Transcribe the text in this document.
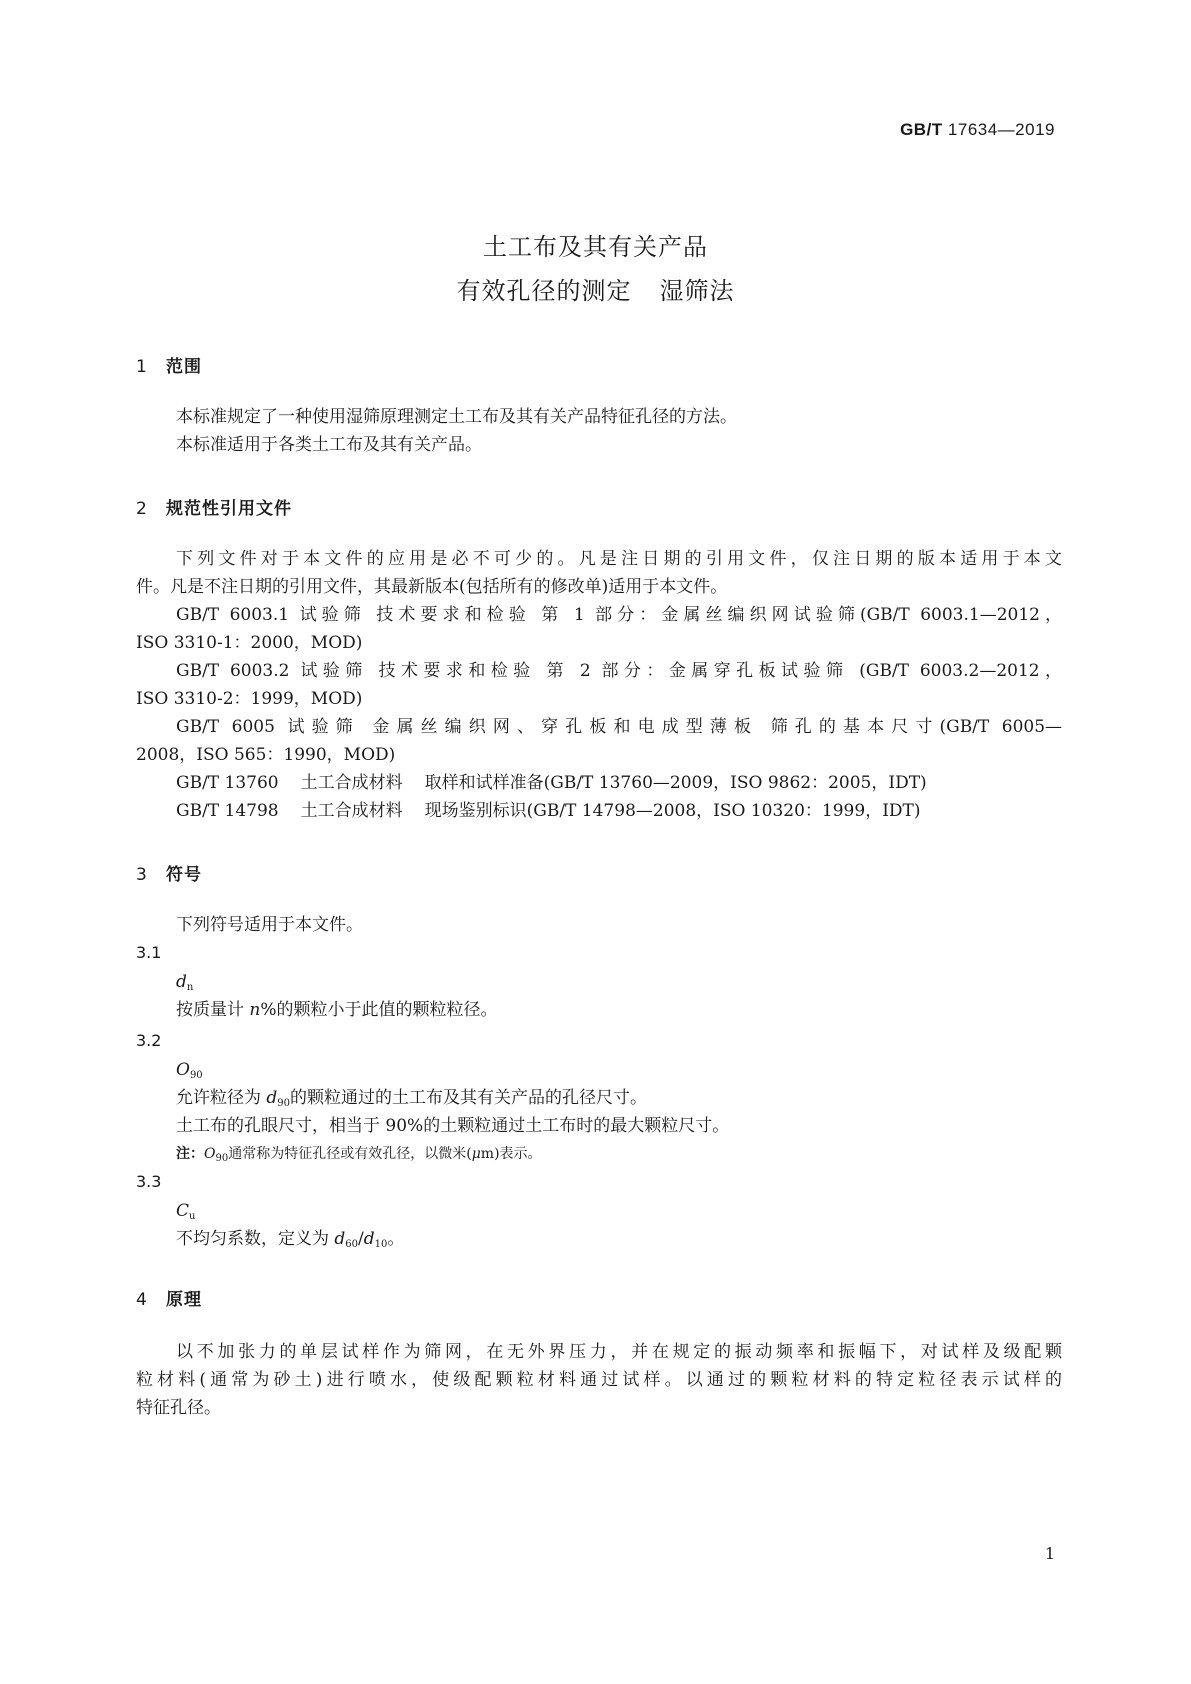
GB/T 17634—2019
土工布及其有关产品
有效孔径的测定 湿筛法
1 范围
本标准规定了一种使用湿筛原理测定土工布及其有关产品特征孔径的方法。
本标准适用于各类土工布及其有关产品。
2 规范性引用文件
下列文件对于本文件的应用是必不可少的。凡是注日期的引用文件，仅注日期的版本适用于本文
件。凡是不注日期的引用文件，其最新版本(包括所有的修改单)适用于本文件。
GB/T 6003.1 试验筛 技术要求和检验 第 1 部分：金属丝编织网试验筛(GB/T 6003.1—2012，
ISO 3310-1：2000，MOD)
GB/T 6003.2 试验筛 技术要求和检验 第 2 部分：金属穿孔板试验筛 (GB/T 6003.2—2012，
ISO 3310-2：1999，MOD)
GB/T 6005 试验筛 金属丝编织网、穿孔板和电成型薄板 筛孔的基本尺寸(GB/T 6005—
2008，ISO 565：1990，MOD)
GB/T 13760 土工合成材料 取样和试样准备(GB/T 13760—2009，ISO 9862：2005，IDT)
GB/T 14798 土工合成材料 现场鉴别标识(GB/T 14798—2008，ISO 10320：1999，IDT)
3 符号
下列符号适用于本文件。
3.1
$d_n$
按质量计 n%的颗粒小于此值的颗粒粒径。
3.2
$O_{90}$
允许粒径为 $d_{90}$的颗粒通过的土工布及其有关产品的孔径尺寸。
土工布的孔眼尺寸，相当于 90%的土颗粒通过土工布时的最大颗粒尺寸。
注：$O_{90}$通常称为特征孔径或有效孔径，以微米(μm)表示。
3.3
$C_u$
不均匀系数，定义为 $d_{60}/d_{10}$。
4 原理
以不加张力的单层试样作为筛网，在无外界压力，并在规定的振动频率和振幅下，对试样及级配颗
粒材料(通常为砂土)进行喷水，使级配颗粒材料通过试样。以通过的颗粒材料的特定粒径表示试样的
特征孔径。
1
